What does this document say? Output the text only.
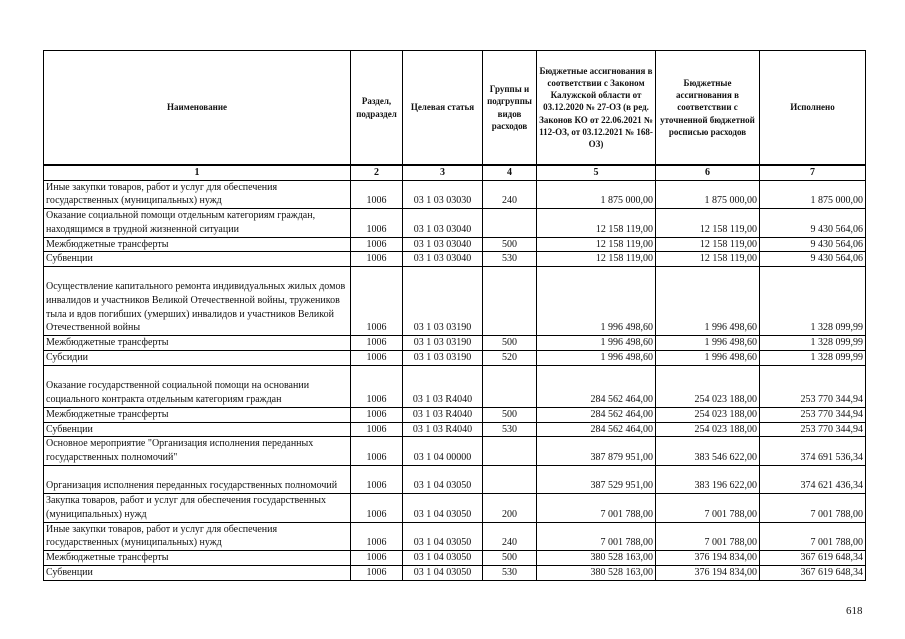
Наименование	Раздел, подраздел	Целевая статья	Группы и подгруппы видов расходов	Бюджетные ассигнования в соответствии с Законом Калужской области от 03.12.2020 № 27-ОЗ (в ред. Законов КО от 22.06.2021 № 112-ОЗ, от 03.12.2021 № 168-ОЗ)	Бюджетные ассигнования в соответствии с уточненной бюджетной росписью расходов	Исполнено
1	2	3	4	5	6	7
Иные закупки товаров, работ и услуг для обеспечения государственных (муниципальных) нужд	1006	03 1 03 03030	240	1 875 000,00	1 875 000,00	1 875 000,00
Оказание социальной помощи отдельным категориям граждан, находящимся в трудной жизненной ситуации	1006	03 1 03 03040		12 158 119,00	12 158 119,00	9 430 564,06
Межбюджетные трансферты	1006	03 1 03 03040	500	12 158 119,00	12 158 119,00	9 430 564,06
Субвенции	1006	03 1 03 03040	530	12 158 119,00	12 158 119,00	9 430 564,06
Осуществление капитального ремонта индивидуальных жилых домов инвалидов и участников Великой Отечественной войны, тружеников тыла и вдов погибших (умерших) инвалидов и участников Великой Отечественной войны	1006	03 1 03 03190		1 996 498,60	1 996 498,60	1 328 099,99
Межбюджетные трансферты	1006	03 1 03 03190	500	1 996 498,60	1 996 498,60	1 328 099,99
Субсидии	1006	03 1 03 03190	520	1 996 498,60	1 996 498,60	1 328 099,99
Оказание государственной социальной помощи на основании социального контракта отдельным категориям граждан	1006	03 1 03 R4040		284 562 464,00	254 023 188,00	253 770 344,94
Межбюджетные трансферты	1006	03 1 03 R4040	500	284 562 464,00	254 023 188,00	253 770 344,94
Субвенции	1006	03 1 03 R4040	530	284 562 464,00	254 023 188,00	253 770 344,94
Основное мероприятие "Организация исполнения переданных государственных полномочий"	1006	03 1 04 00000		387 879 951,00	383 546 622,00	374 691 536,34
Организация исполнения переданных государственных полномочий	1006	03 1 04 03050		387 529 951,00	383 196 622,00	374 621 436,34
Закупка товаров, работ и услуг для обеспечения государственных (муниципальных) нужд	1006	03 1 04 03050	200	7 001 788,00	7 001 788,00	7 001 788,00
Иные закупки товаров, работ и услуг для обеспечения государственных (муниципальных) нужд	1006	03 1 04 03050	240	7 001 788,00	7 001 788,00	7 001 788,00
Межбюджетные трансферты	1006	03 1 04 03050	500	380 528 163,00	376 194 834,00	367 619 648,34
Субвенции	1006	03 1 04 03050	530	380 528 163,00	376 194 834,00	367 619 648,34
618
